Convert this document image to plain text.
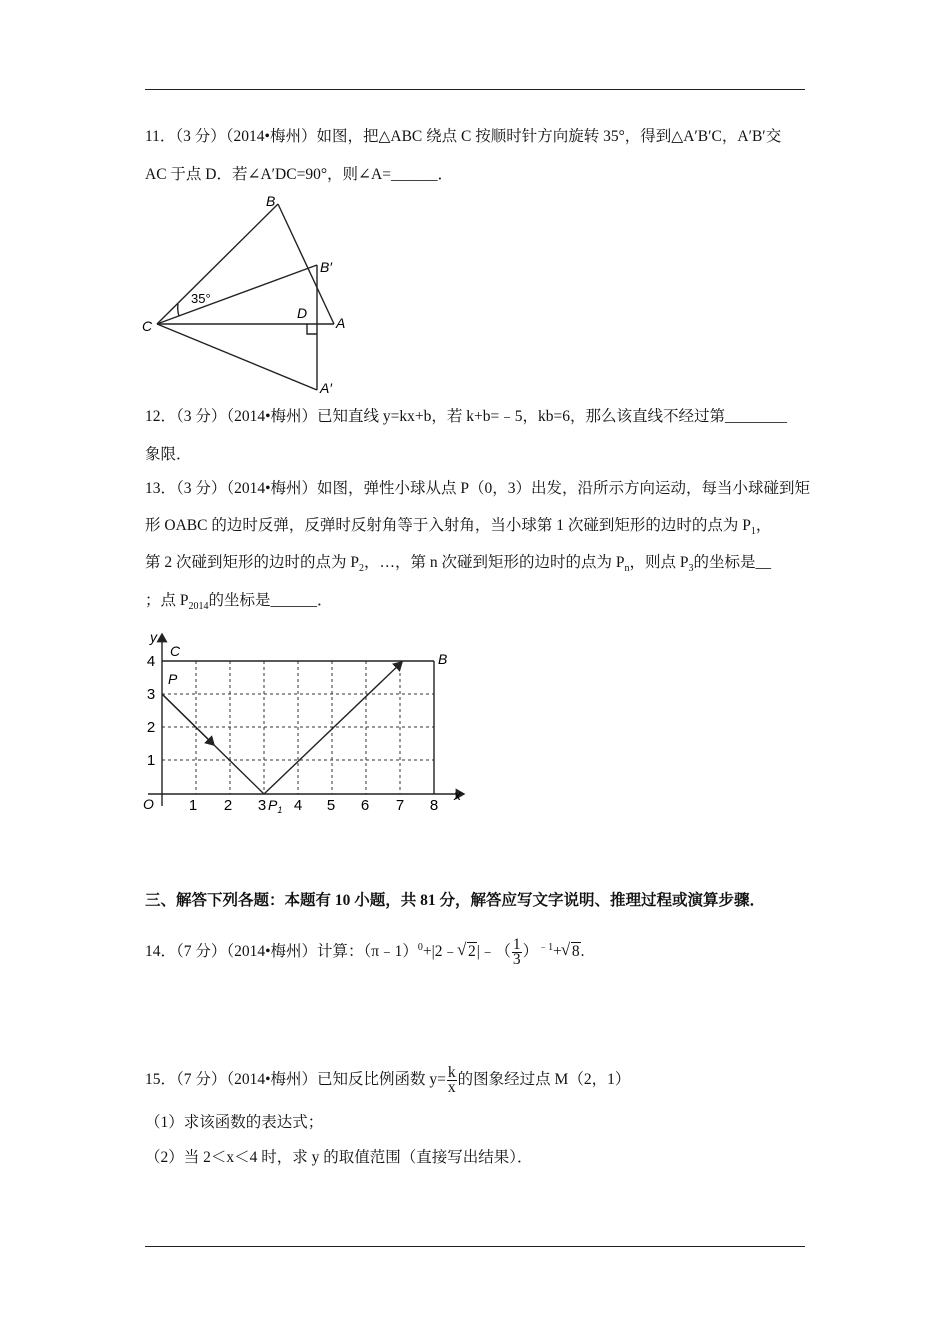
11．（3 分）（2014•梅州）如图，把△ABC 绕点 C 按顺时针方向旋转 35°，得到△A′B′C，A′B′交
AC 于点 D．若∠A′DC=90°，则∠A=______．
B
B′
C
D
A
A′
35°
12．（3 分）（2014•梅州）已知直线 y=kx+b，若 k+b=﹣5，kb=6，那么该直线不经过第________
象限．
13．（3 分）（2014•梅州）如图，弹性小球从点 P（0，3）出发，沿所示方向运动，每当小球碰到矩
形 OABC 的边时反弹，反弹时反射角等于入射角，当小球第 1 次碰到矩形的边时的点为 $P_1$，
第 2 次碰到矩形的边时的点为 $P_2$，…，第 n 次碰到矩形的边时的点为 $P_n$，则点 $P_3$的坐标是__
；点 $P_{2014}$的坐标是______．
y
x
O
C	B
P
$P_1$
1 2 3 4 5 6 7 8
1
2
3
4
三、解答下列各题：本题有 10 小题，共 81 分，解答应写文字说明、推理过程或演算步骤．
14．（7 分）（2014•梅州）计算：（π﹣1）$^0$+|2﹣√ 2|﹣（ $\frac{1}{3} )^{﹣1}+√$ 8.
15．（7 分）（2014•梅州）已知反比例函数 $y= \frac{k}{x}$ 的图象经过点 M（2，1）
（1）求该函数的表达式；
（2）当 2＜x＜4 时，求 y 的取值范围（直接写出结果）．
